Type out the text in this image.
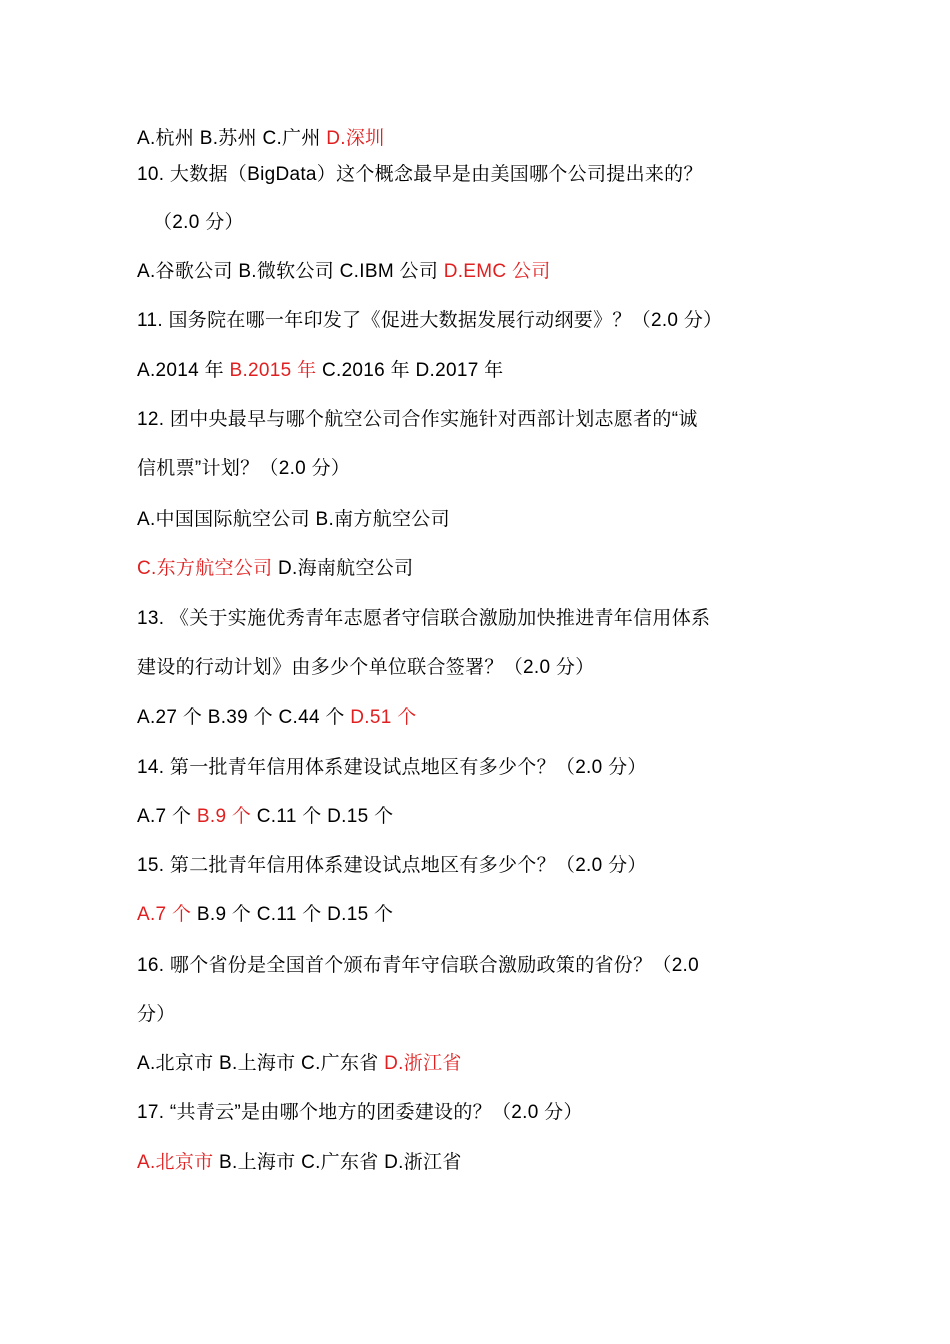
A.杭州 B.苏州 C.广州 D.深圳
10. 大数据（BigData）这个概念最早是由美国哪个公司提出来的？
（2.0 分）
A.谷歌公司 B.微软公司 C.IBM 公司 D.EMC 公司
11. 国务院在哪一年印发了《促进大数据发展行动纲要》？（2.0 分）
A.2014 年 B.2015 年 C.2016 年 D.2017 年
12. 团中央最早与哪个航空公司合作实施针对西部计划志愿者的“诚
信机票”计划？（2.0 分）
A.中国国际航空公司 B.南方航空公司
C.东方航空公司 D.海南航空公司
13. 《关于实施优秀青年志愿者守信联合激励加快推进青年信用体系
建设的行动计划》由多少个单位联合签署？（2.0 分）
A.27 个 B.39 个 C.44 个 D.51 个
14. 第一批青年信用体系建设试点地区有多少个？（2.0 分）
A.7 个 B.9 个 C.11 个 D.15 个
15. 第二批青年信用体系建设试点地区有多少个？（2.0 分）
A.7 个 B.9 个 C.11 个 D.15 个
16. 哪个省份是全国首个颁布青年守信联合激励政策的省份？（2.0
分）
A.北京市 B.上海市 C.广东省 D.浙江省
17. “共青云”是由哪个地方的团委建设的？（2.0 分）
A.北京市 B.上海市 C.广东省 D.浙江省
